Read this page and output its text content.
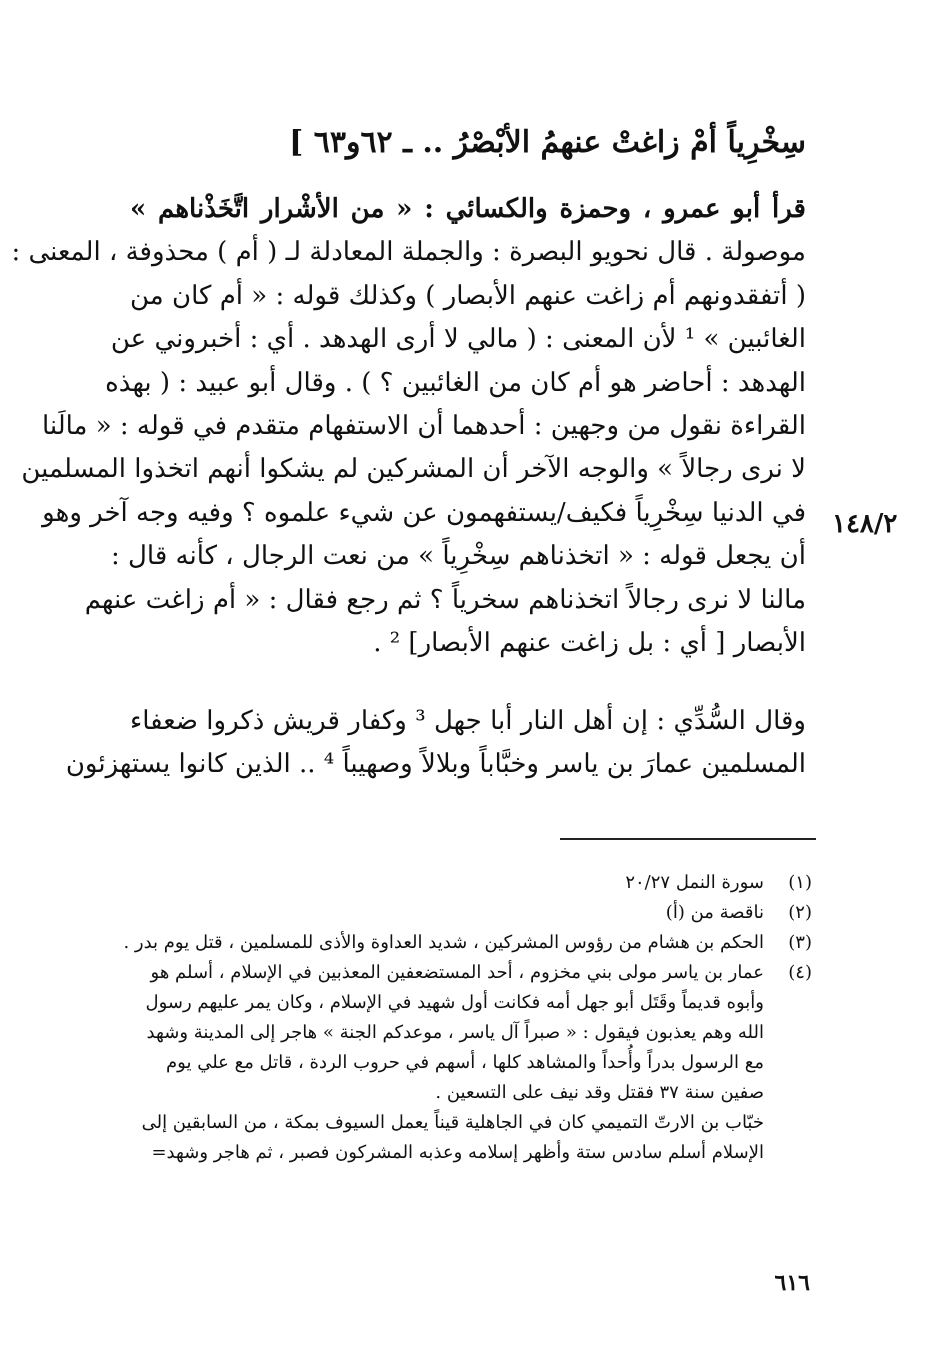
سِخْرِياً أمْ زاغتْ عنهمُ الأبْصْرُ .. ـ ٦٢و٦٣ ]
١٤٨/٢
قرأ أبو عمرو ، وحمزة والكسائي : « من الأشْرار اتَّخَذْناهم »
موصولة . قال نحويو البصرة : والجملة المعادلة لـ ( أم ) محذوفة ، المعنى :
( أتفقدونهم أم زاغت عنهم الأبصار ) وكذلك قوله : « أم كان من
الغائبين » ¹ لأن المعنى : ( مالي لا أرى الهدهد . أي : أخبروني عن
الهدهد : أحاضر هو أم كان من الغائبين ؟ ) . وقال أبو عبيد : ( بهذه
القراءة نقول من وجهين : أحدهما أن الاستفهام متقدم في قوله : « مالَنا
لا نرى رجالاً » والوجه الآخر أن المشركين لم يشكوا أنهم اتخذوا المسلمين
في الدنيا سِخْرِياً فكيف/يستفهمون عن شيء علموه ؟ وفيه وجه آخر وهو
أن يجعل قوله : « اتخذناهم سِخْرِياً » من نعت الرجال ، كأنه قال :
مالنا لا نرى رجالاً اتخذناهم سخرياً ؟ ثم رجع فقال : « أم زاغت عنهم
الأبصار [ أي : بل زاغت عنهم الأبصار] ² .
وقال السُّدِّي : إن أهل النار أبا جهل ³ وكفار قريش ذكروا ضعفاء
المسلمين عمارَ بن ياسر وخبَّاباً وبلالاً وصهيباً ⁴ .. الذين كانوا يستهزئون
(١)
سورة النمل ٢٠/٢٧
(٢)
ناقصة من (أ)
(٣)
الحكم بن هشام من رؤوس المشركين ، شديد العداوة والأذى للمسلمين ، قتل يوم بدر .
(٤)
عمار بن ياسر مولى بني مخزوم ، أحد المستضعفين المعذبين في الإسلام ، أسلم هو
وأبوه قديماً وقَتَل أبو جهل أمه فكانت أول شهيد في الإسلام ، وكان يمر عليهم رسول
الله وهم يعذبون فيقول : « صبراً آل ياسر ، موعدكم الجنة » هاجر إلى المدينة وشهد
مع الرسول بدراً وأُحداً والمشاهد كلها ، أسهم في حروب الردة ، قاتل مع علي يوم
صفين سنة ٣٧ فقتل وقد نيف على التسعين .
خبّاب بن الارتّ التميمي كان في الجاهلية قيناً يعمل السيوف بمكة ، من السابقين إلى
الإسلام أسلم سادس ستة وأظهر إسلامه وعذبه المشركون فصبر ، ثم هاجر وشهد=
٦١٦
